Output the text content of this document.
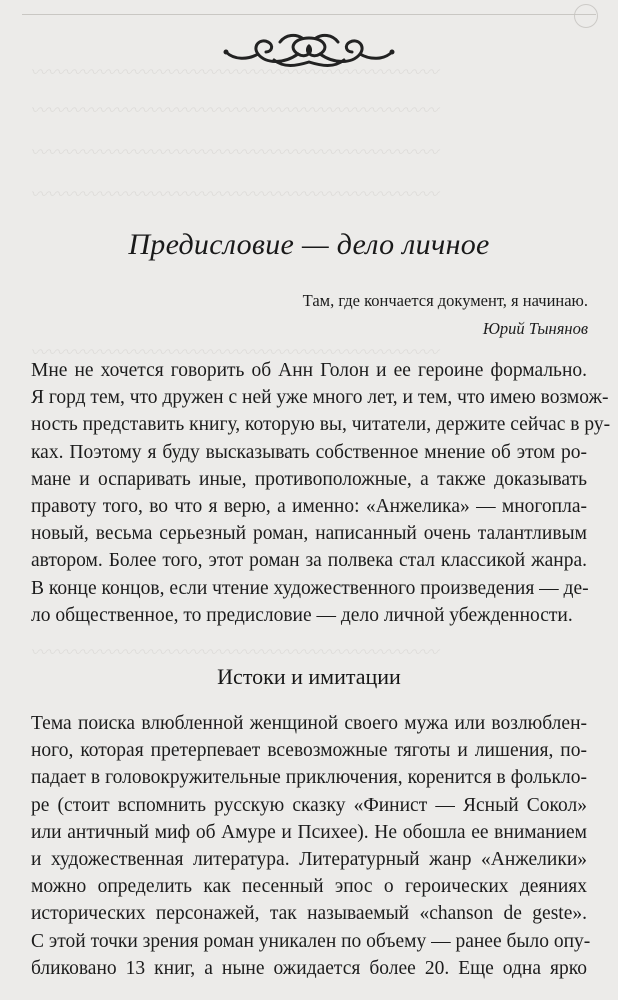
〰〰〰〰〰〰〰〰〰〰〰〰〰〰〰〰〰〰〰〰〰〰〰〰
〰〰〰〰〰〰〰〰〰〰〰〰〰〰〰〰〰〰〰〰〰〰〰〰
〰〰〰〰〰〰〰〰〰〰〰〰〰〰〰〰〰〰〰〰〰〰〰〰
〰〰〰〰〰〰〰〰〰〰〰〰〰〰〰〰〰〰〰〰〰〰〰〰
〰〰〰〰〰〰〰〰〰〰〰〰〰〰〰〰〰〰〰〰〰〰〰〰
〰〰〰〰〰〰〰〰〰〰〰〰〰〰〰〰〰〰〰〰〰〰〰〰
Предисловие — дело личное
Там, где кончается документ, я начинаю.
Юрий Тынянов
Мне не хочется говорить об Анн Голон и ее героине формально.
Я горд тем, что дружен с ней уже много лет, и тем, что имею возмож-
ность представить книгу, которую вы, читатели, держите сейчас в ру-
ках. Поэтому я буду высказывать собственное мнение об этом ро-
мане и оспаривать иные, противоположные, а также доказывать
правоту того, во что я верю, а именно: «Анжелика» — многопла-
новый, весьма серьезный роман, написанный очень талантливым
автором. Более того, этот роман за полвека стал классикой жанра.
В конце концов, если чтение художественного произведения — де-
ло общественное, то предисловие — дело личной убежденности.
Истоки и имитации
Тема поиска влюбленной женщиной своего мужа или возлюблен-
ного, которая претерпевает всевозможные тяготы и лишения, по-
падает в головокружительные приключения, коренится в фолькло-
ре (стоит вспомнить русскую сказку «Финист — Ясный Сокол»
или античный миф об Амуре и Психее). Не обошла ее вниманием
и художественная литература. Литературный жанр «Анжелики»
можно определить как песенный эпос о героических деяниях
исторических персонажей, так называемый «chanson de geste».
С этой точки зрения роман уникален по объему — ранее было опу-
бликовано 13 книг, а ныне ожидается более 20. Еще одна ярко
